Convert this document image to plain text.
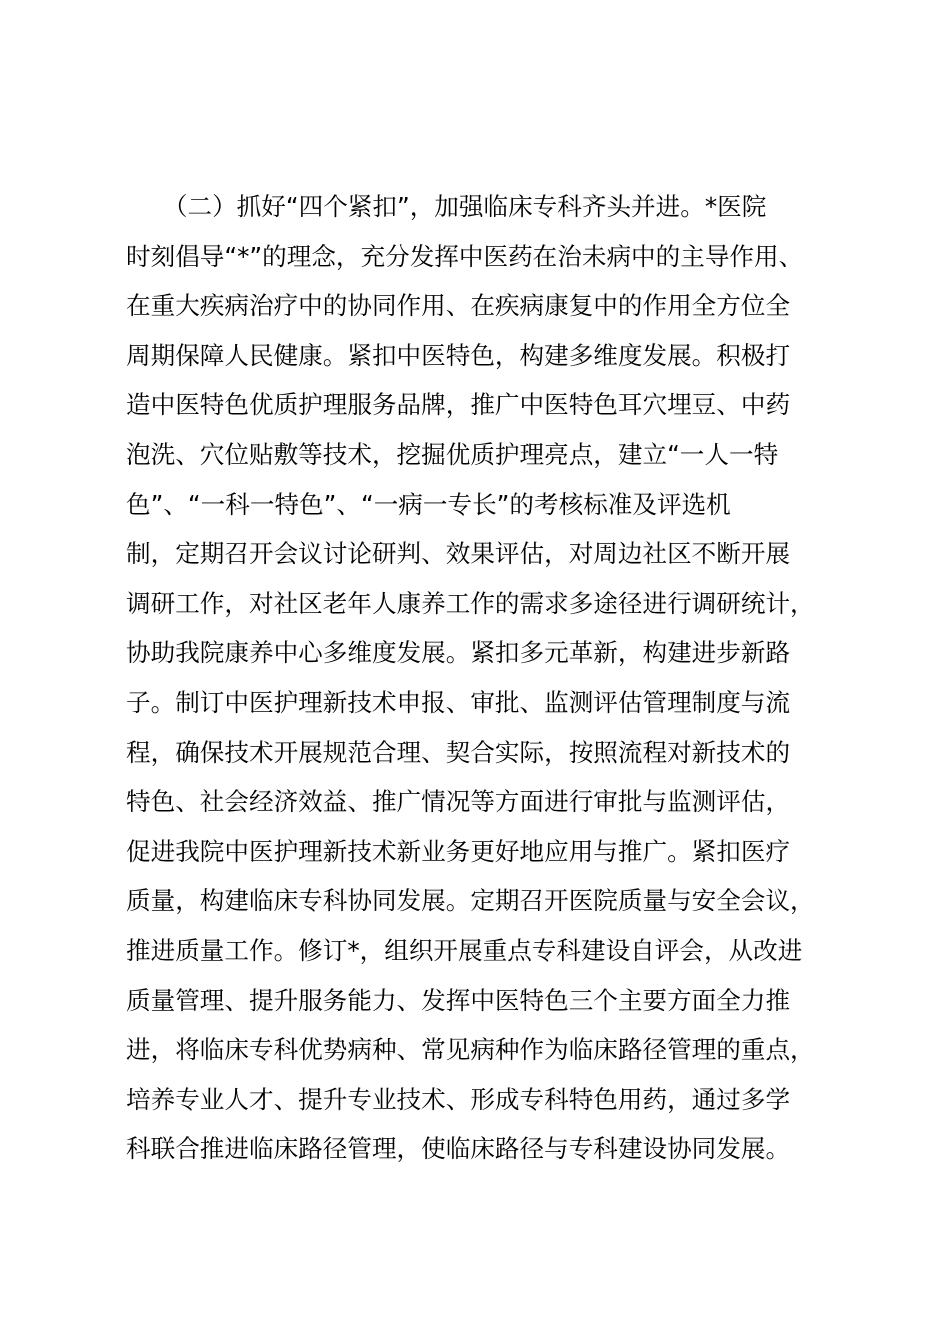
　　（二）抓好“四个紧扣”，加强临床专科齐头并进。*医院
时刻倡导“*”的理念，充分发挥中医药在治未病中的主导作用、
在重大疾病治疗中的协同作用、在疾病康复中的作用全方位全
周期保障人民健康。紧扣中医特色，构建多维度发展。积极打
造中医特色优质护理服务品牌，推广中医特色耳穴埋豆、中药
泡洗、穴位贴敷等技术，挖掘优质护理亮点，建立“一人一特
色”、“一科一特色”、“一病一专长”的考核标准及评选机
制，定期召开会议讨论研判、效果评估，对周边社区不断开展
调研工作，对社区老年人康养工作的需求多途径进行调研统计，
协助我院康养中心多维度发展。紧扣多元革新，构建进步新路
子。制订中医护理新技术申报、审批、监测评估管理制度与流
程，确保技术开展规范合理、契合实际，按照流程对新技术的
特色、社会经济效益、推广情况等方面进行审批与监测评估，
促进我院中医护理新技术新业务更好地应用与推广。紧扣医疗
质量，构建临床专科协同发展。定期召开医院质量与安全会议，
推进质量工作。修订*，组织开展重点专科建设自评会，从改进
质量管理、提升服务能力、发挥中医特色三个主要方面全力推
进，将临床专科优势病种、常见病种作为临床路径管理的重点，
培养专业人才、提升专业技术、形成专科特色用药，通过多学
科联合推进临床路径管理，使临床路径与专科建设协同发展。
